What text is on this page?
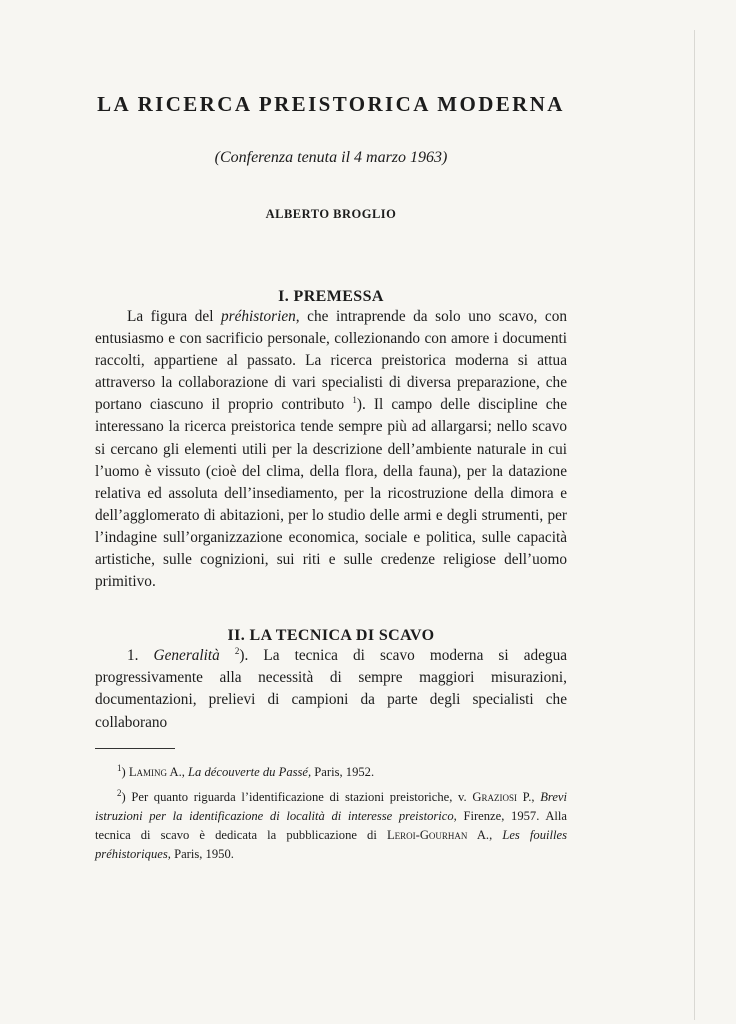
LA RICERCA PREISTORICA MODERNA
(Conferenza tenuta il 4 marzo 1963)
ALBERTO BROGLIO
I. PREMESSA

La figura del préhistorien, che intraprende da solo uno scavo, con entusiasmo e con sacrificio personale, collezionando con amore i documenti raccolti, appartiene al passato. La ricerca preistorica moderna si attua attraverso la collaborazione di vari specialisti di diversa preparazione, che portano ciascuno il proprio contributo $^1$). Il campo delle discipline che interessano la ricerca preistorica tende sempre più ad allargarsi; nello scavo si cercano gli elementi utili per la descrizione dell’ambiente naturale in cui l’uomo è vissuto (cioè del clima, della flora, della fauna), per la datazione relativa ed assoluta dell’insediamento, per la ricostruzione della dimora e dell’agglomerato di abitazioni, per lo studio delle armi e degli strumenti, per l’indagine sull’organizzazione economica, sociale e politica, sulle capacità artistiche, sulle cognizioni, sui riti e sulle credenze religiose dell’uomo primitivo.

II. LA TECNICA DI SCAVO

1. Generalità $^2$). La tecnica di scavo moderna si adegua progressivamente alla necessità di sempre maggiori misurazioni, documentazioni, prelievi di campioni da parte degli specialisti che collaborano

$^1$) Laming A., La découverte du Passé, Paris, 1952.

$^2$) Per quanto riguarda l’identificazione di stazioni preistoriche, v. Graziosi P., Brevi istruzioni per la identificazione di località di interesse preistorico, Firenze, 1957. Alla tecnica di scavo è dedicata la pubblicazione di Leroi-Gourhan A., Les fouilles préhistoriques, Paris, 1950.
